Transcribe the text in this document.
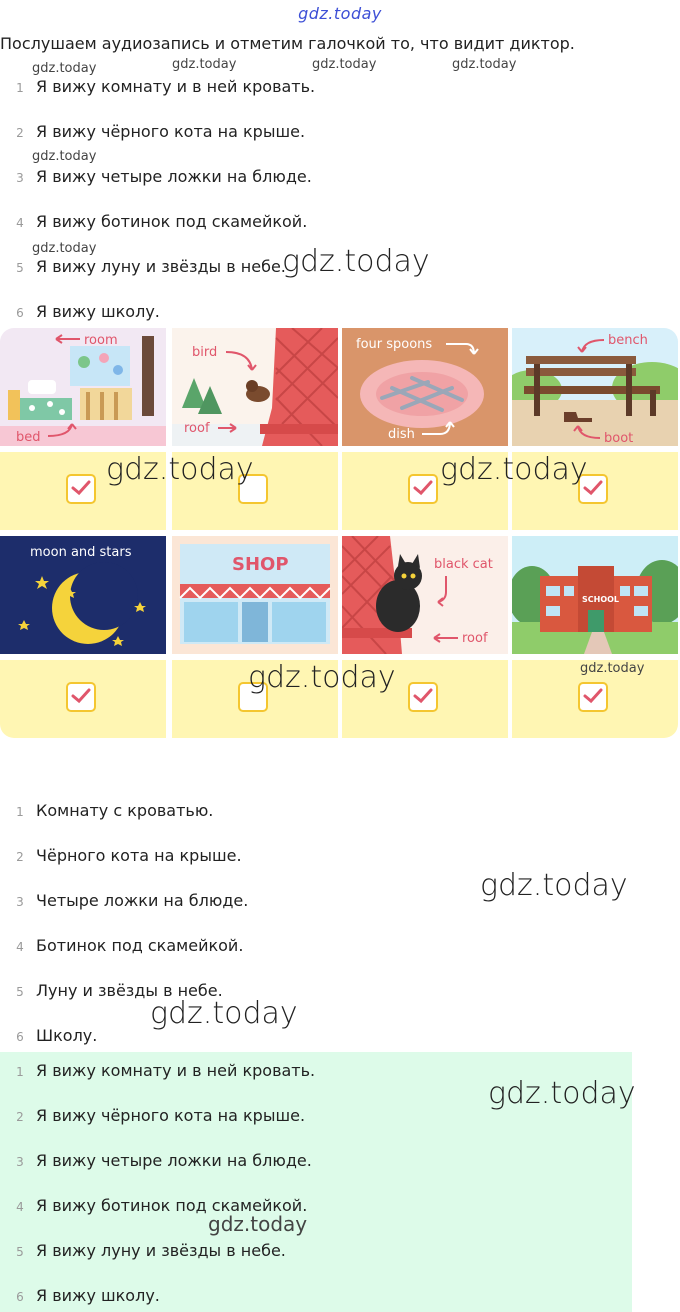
gdz.today
Послушаем аудиозапись и отметим галочкой то, что видит диктор.
1 Я вижу комнату и в ней кровать.
2 Я вижу чёрного кота на крыше.
3 Я вижу четыре ложки на блюде.
4 Я вижу ботинок под скамейкой.
5 Я вижу луну и звёзды в небе.
6 Я вижу школу.
room
bed
bird
roof
four spoons
dish
bench
boot
moon and stars
SHOP	black cat
roof
SCHOOL
1 Комнату с кроватью.
2 Чёрного кота на крыше.
3 Четыре ложки на блюде.
4 Ботинок под скамейкой.
5 Луну и звёзды в небе.
6 Школу.
1 Я вижу комнату и в ней кровать.
2 Я вижу чёрного кота на крыше.
3 Я вижу четыре ложки на блюде.
4 Я вижу ботинок под скамейкой.
5 Я вижу луну и звёзды в небе.
6 Я вижу школу.
gdz.today	gdz.today	gdz.today	gdz.today
gdz.today
gdz.today
gdz.today
gdz.today
gdz.today	gdz.today
gdz.today
gdz.today
gdz.today
gdz.today
gdz.today
